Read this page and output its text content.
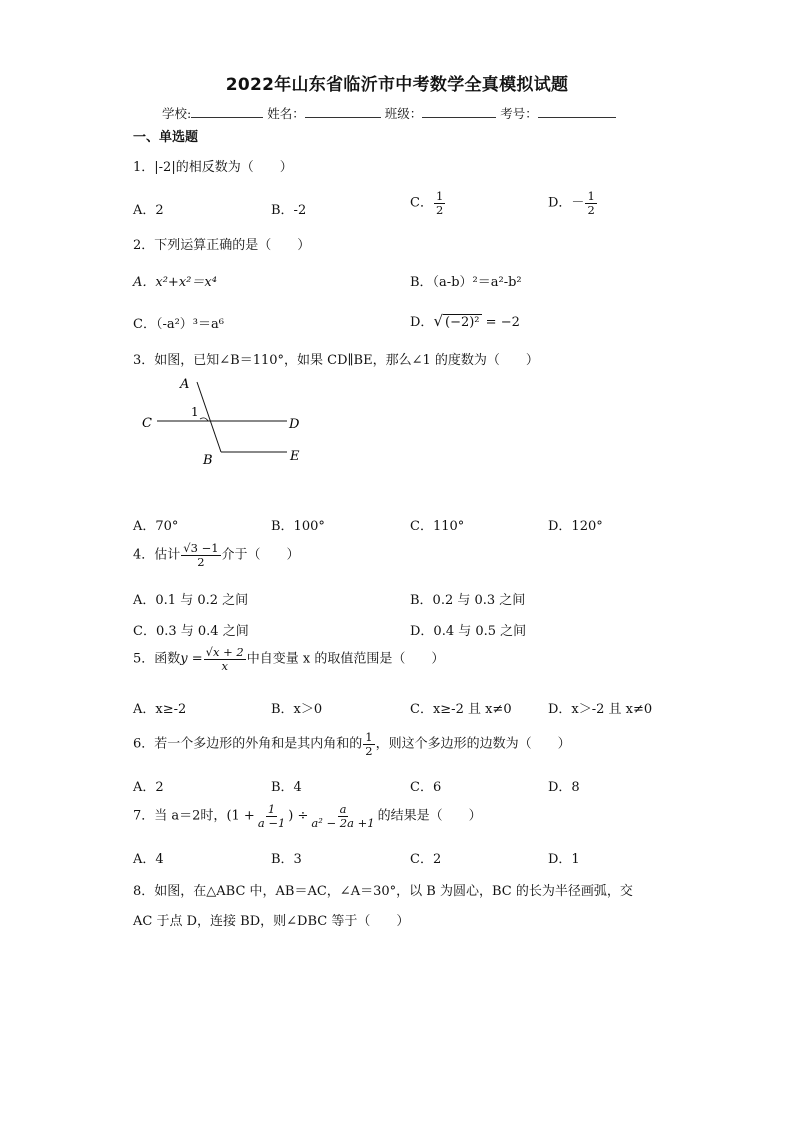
2022年山东省临沂市中考数学全真模拟试题
学校:	姓名：	班级：	考号：
一、单选题
1．|-2|的相反数为（　　）
A．2	B．-2	C． $\frac{1}{2}$	D．－ $\frac{1}{2}$
2．下列运算正确的是（　　）
A．x²+x²＝x⁴	B．（a-b）²＝a²-b²
C．（-a²）³＝a⁶	D．√ (−2)² = −2
3．如图，已知∠B＝110°，如果 CD∥BE，那么∠1 的度数为（　　）
A
1
C	D
B	E
A．70°	B．100°	C．110°	D．120°
4．估计 $\frac{√3 -1}{2}$ 介于（　　）
A．0.1 与 0.2 之间	B．0.2 与 0.3 之间
C．0.3 与 0.4 之间	D．0.4 与 0.5 之间
5．函数$y = \frac{√x + 2}{x}$ 中自变量 x 的取值范围是（　　）
A．x≥-2	B．x＞0	C．x≥-2 且 x≠0	D．x＞-2 且 x≠0
6．若一个多边形的外角和是其内角和的 $\frac{1}{2}$ ，则这个多边形的边数为（　　）
A．2	B．4	C．6	D．8
7．当 a＝2时，($1 + \frac{1}{a -1}$ ) ÷ $\frac{a}{\text{a² − 2a +1}}$ 的结果是（　　）
A．4	B．3	C．2	D．1
8．如图，在△ABC 中，AB＝AC，∠A＝30°，以 B 为圆心，BC 的长为半径画弧，交
AC 于点 D，连接 BD，则∠DBC 等于（　　）
